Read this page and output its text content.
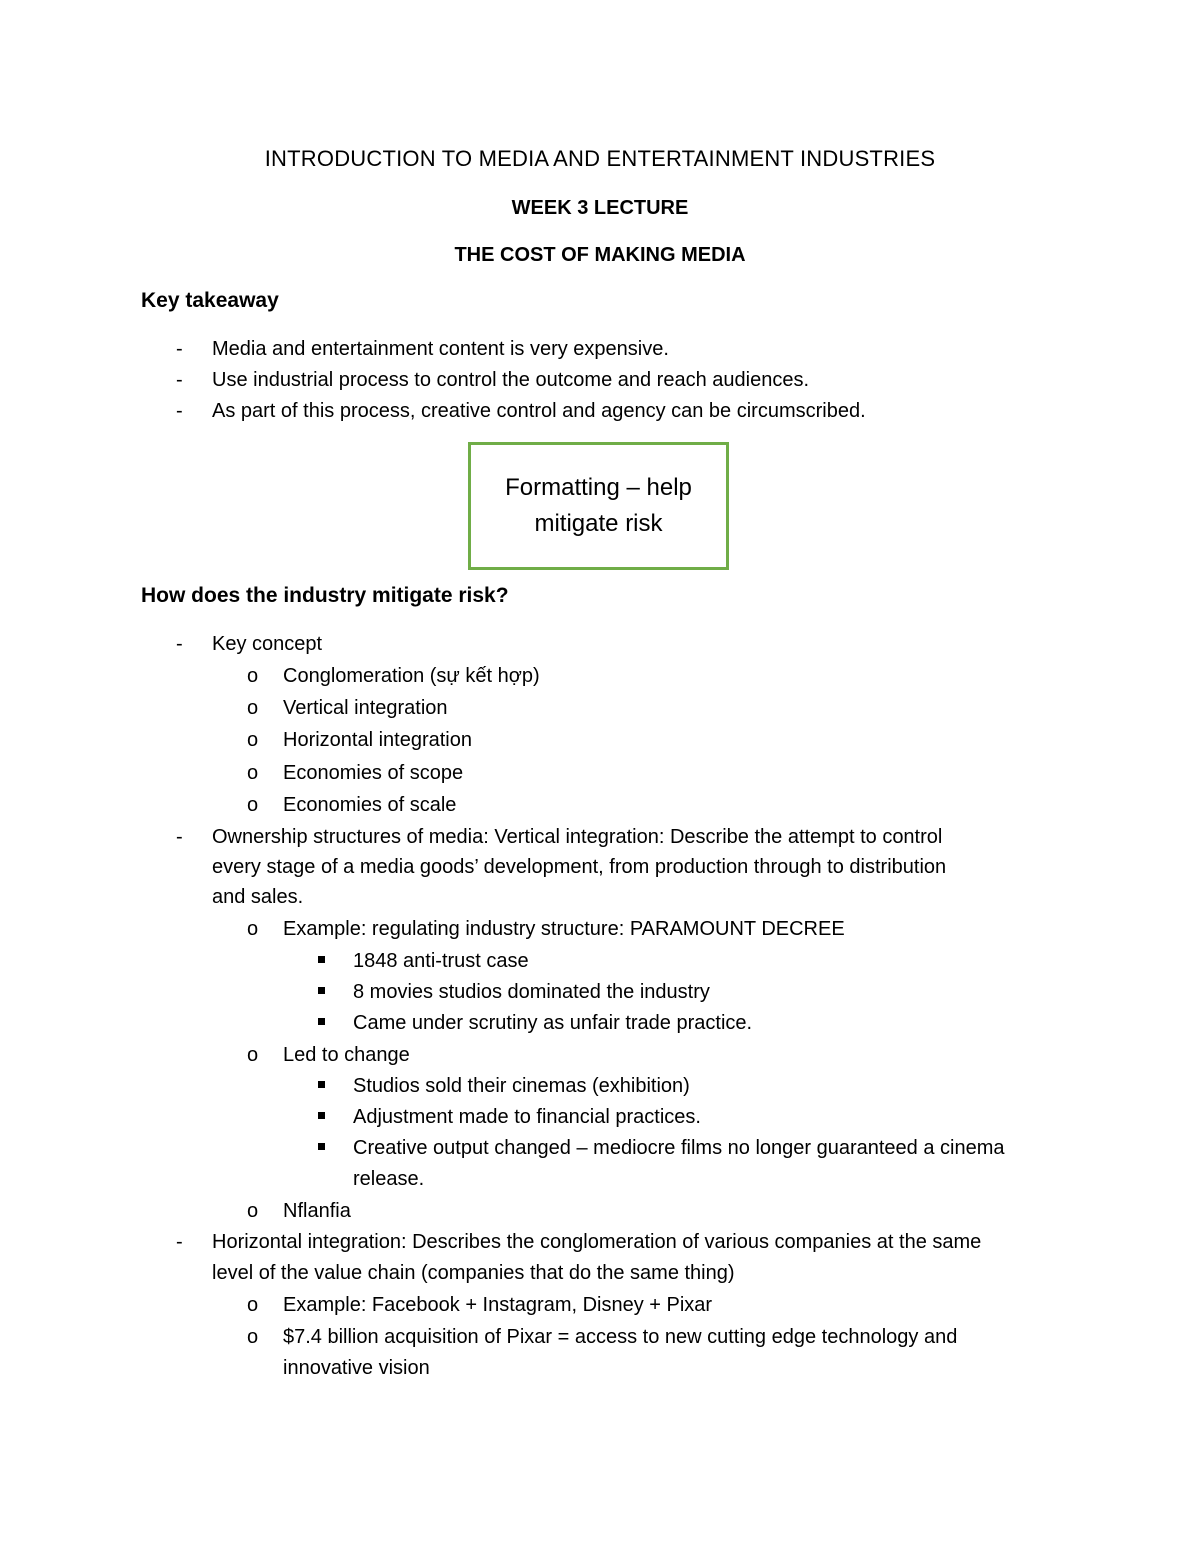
INTRODUCTION TO MEDIA AND ENTERTAINMENT INDUSTRIES
WEEK 3 LECTURE
THE COST OF MAKING MEDIA
Key takeaway
- Media and entertainment content is very expensive.
- Use industrial process to control the outcome and reach audiences.
- As part of this process, creative control and agency can be circumscribed.
Formatting – help mitigate risk
How does the industry mitigate risk?
- Key concept
o Conglomeration (sự kết hợp)
o Vertical integration
o Horizontal integration
o Economies of scope
o Economies of scale
- Ownership structures of media: Vertical integration: Describe the attempt to control
every stage of a media goods’ development, from production through to distribution
and sales.
o Example: regulating industry structure: PARAMOUNT DECREE
1848 anti-trust case
8 movies studios dominated the industry
Came under scrutiny as unfair trade practice.
o Led to change
Studios sold their cinemas (exhibition)
Adjustment made to financial practices.
Creative output changed – mediocre films no longer guaranteed a cinema
release.
o Nflanfia
- Horizontal integration: Describes the conglomeration of various companies at the same
level of the value chain (companies that do the same thing)
o Example: Facebook + Instagram, Disney + Pixar
o $7.4 billion acquisition of Pixar = access to new cutting edge technology and
innovative vision
